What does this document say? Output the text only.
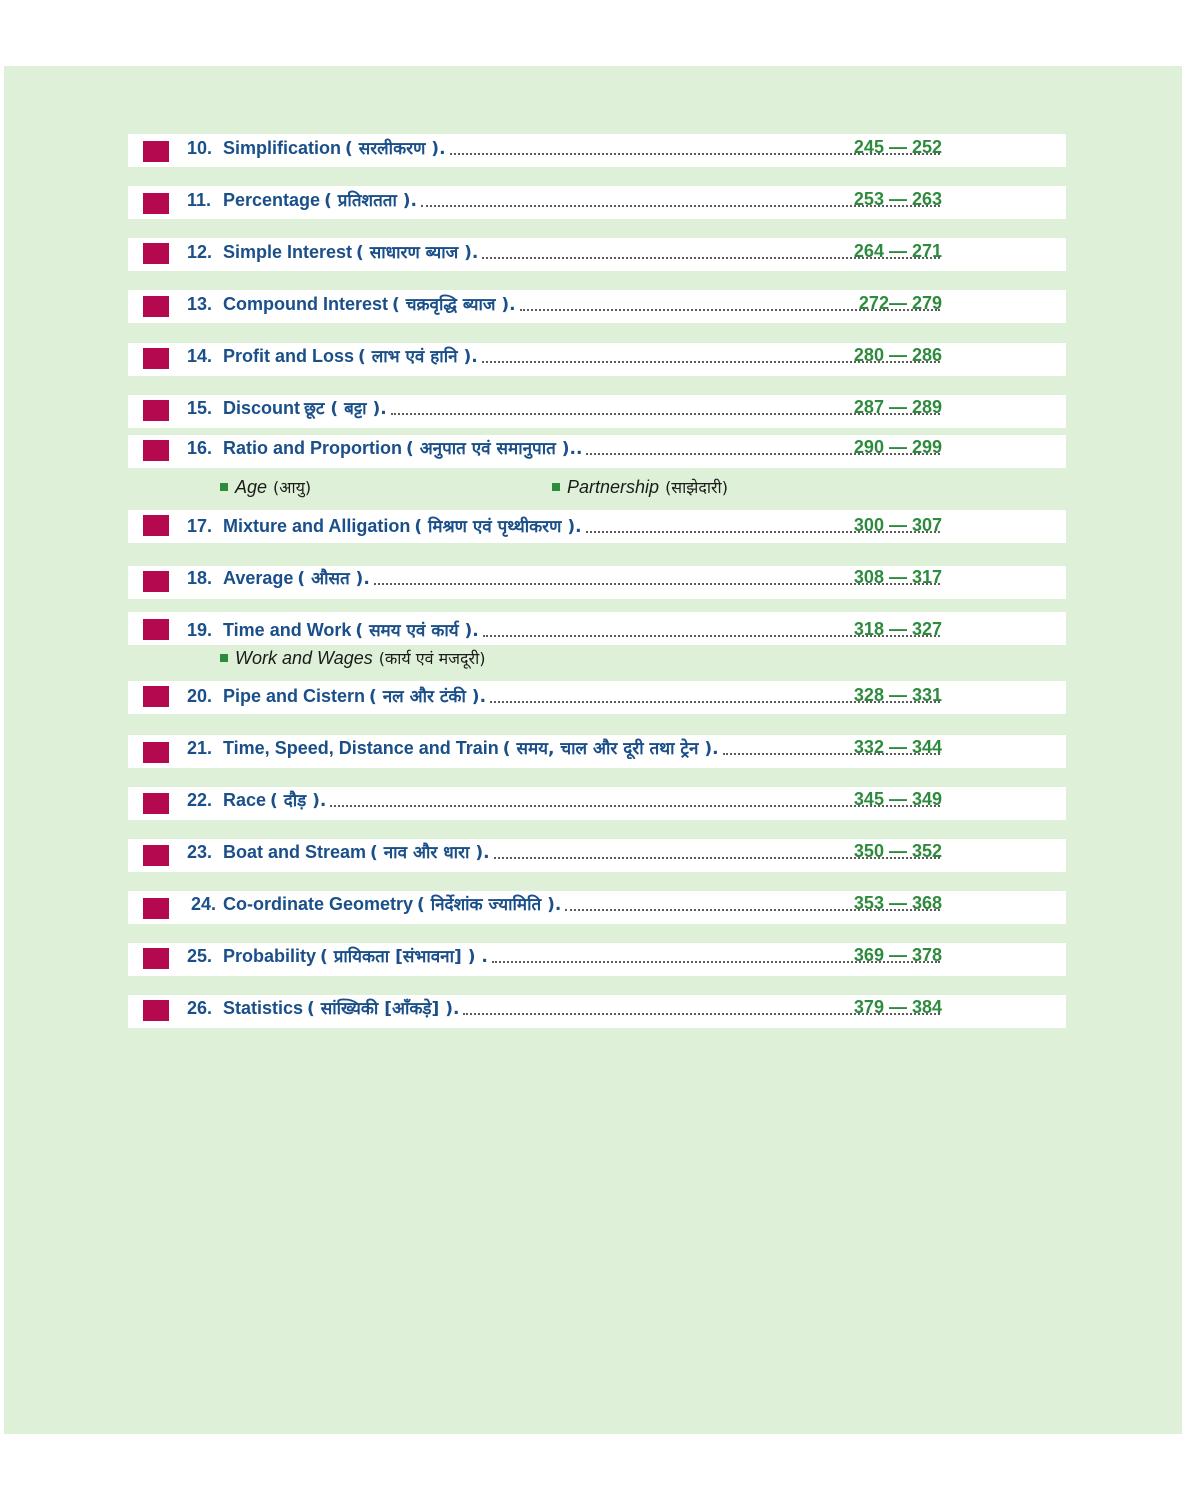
10. Simplification ( सरलीकरण ).	245 — 252
11. Percentage ( प्रतिशतता ).	253 — 263
12. Simple Interest ( साधारण ब्याज ).	264 — 271
13. Compound Interest ( चक्रवृद्धि ब्याज ).	272— 279
14. Profit and Loss ( लाभ एवं हानि ).	280 — 286
15. Discount छूट ( बट्टा ).	287 — 289
16. Ratio and Proportion ( अनुपात एवं समानुपात )..	290 — 299
Age (आयु)	Partnership (साझेदारी)
17. Mixture and Alligation ( मिश्रण एवं पृथ्थीकरण ).	300 — 307
18. Average ( औसत ).	308 — 317
19. Time and Work ( समय एवं कार्य ).	318 — 327
Work and Wages (कार्य एवं मजदूरी)
20. Pipe and Cistern ( नल और टंकी ).	328 — 331
21. Time, Speed, Distance and Train ( समय, चाल और दूरी तथा ट्रेन ).	332 — 344
22. Race ( दौड़ ).	345 — 349
23. Boat and Stream ( नाव और धारा ).	350 — 352
24. Co-ordinate Geometry ( निर्देशांक ज्यामिति ).	353 — 368
25. Probability ( प्रायिकता [संभावना] ) .	369 — 378
26. Statistics ( सांख्यिकी [आँकड़े] ).	379 — 384
